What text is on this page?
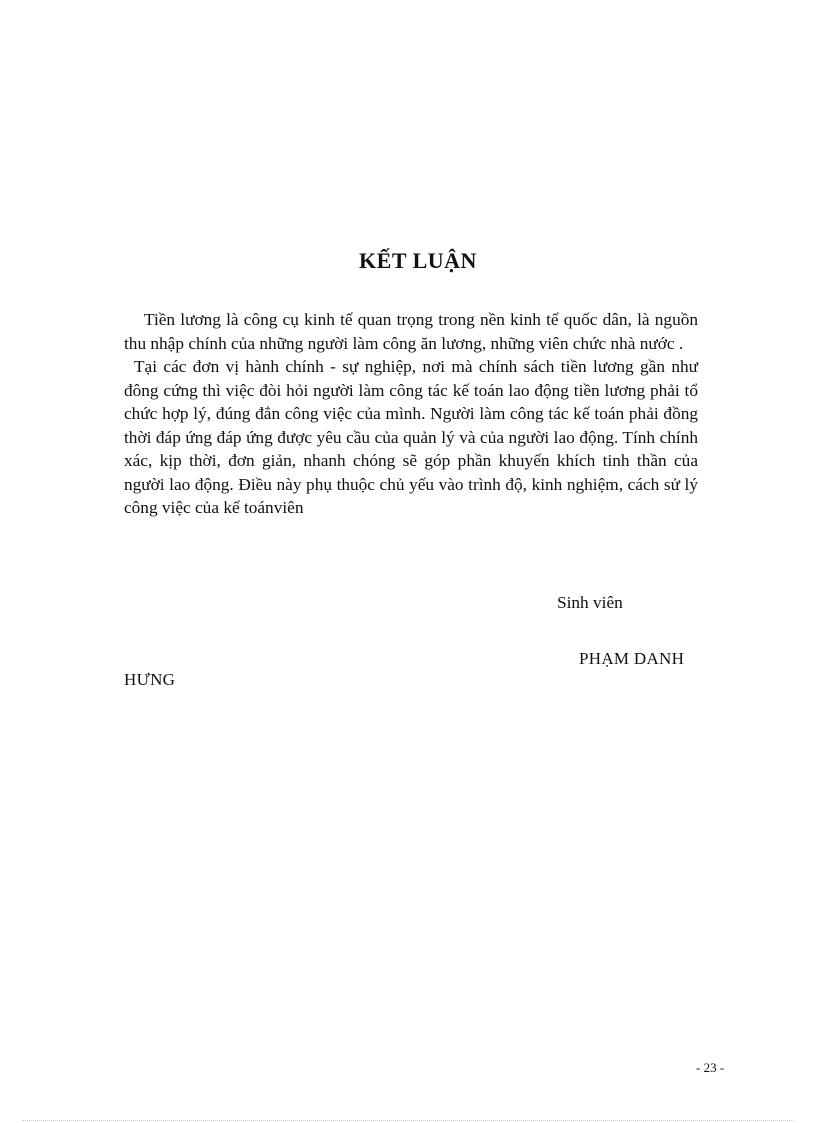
KẾT LUẬN

Tiền lương là công cụ kinh tế quan trọng trong nền kinh tế quốc dân, là nguồn thu nhập chính của những người làm công ăn lương, những viên chức nhà nước .

Tại các đơn vị hành chính - sự nghiệp, nơi mà chính sách tiền lương gần như đông cứng thì việc đòi hỏi người làm công tác kế toán lao động tiền lương phải tổ chức hợp lý, đúng đắn công việc của mình. Người làm công tác kế toán phải đồng thời đáp ứng đáp ứng được yêu cầu của quản lý và của người lao động. Tính chính xác, kịp thời, đơn giản, nhanh chóng sẽ góp phần khuyến khích tinh thần của người lao động. Điều này phụ thuộc chủ yếu vào trình độ, kinh nghiệm, cách sử lý công việc của kế toánviên

Sinh viên
PHẠM DANH
HƯNG
- 23 -
